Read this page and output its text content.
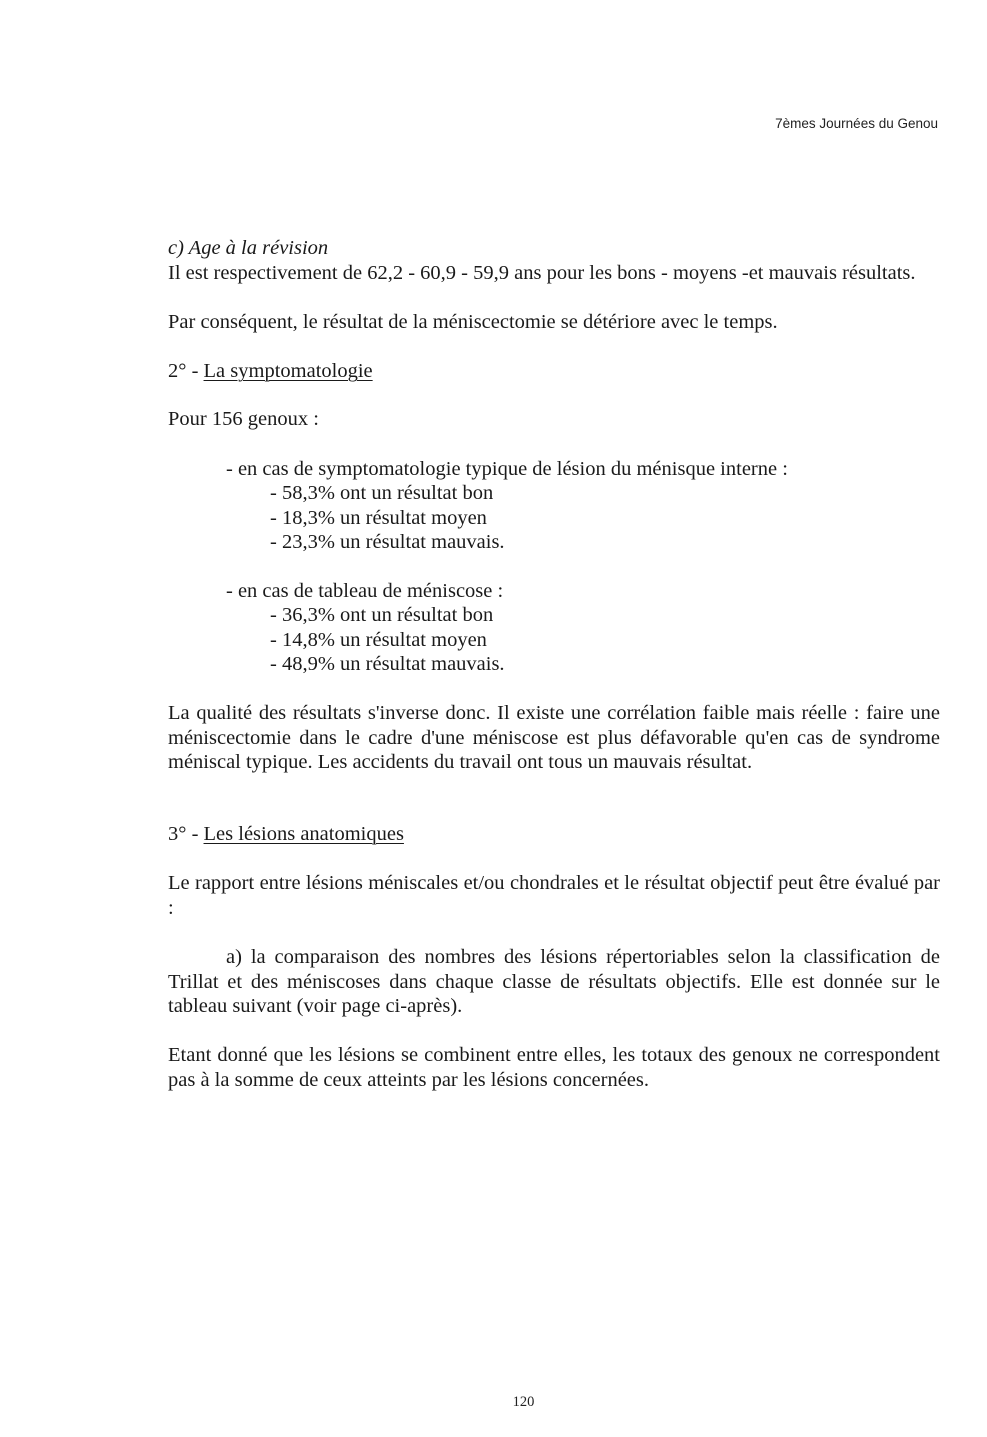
7èmes Journées du Genou

c) Age à la révision

Il est respectivement de 62,2 - 60,9 - 59,9 ans pour les bons - moyens -et mauvais résultats.

Par conséquent, le résultat de la méniscectomie se détériore avec le temps.

2° - La symptomatologie

Pour 156 genoux :

- en cas de symptomatologie typique de lésion du ménisque interne :

- 58,3% ont un résultat bon
- 18,3% un résultat moyen
- 23,3% un résultat mauvais.

- en cas de tableau de méniscose :

- 36,3% ont un résultat bon
- 14,8% un résultat moyen
- 48,9% un résultat mauvais.

La qualité des résultats s'inverse donc. Il existe une corrélation faible mais réelle : faire une méniscectomie dans le cadre d'une méniscose est plus défavorable qu'en cas de syndrome méniscal typique. Les accidents du travail ont tous un mauvais résultat.

3° - Les lésions anatomiques

Le rapport entre lésions méniscales et/ou chondrales et le résultat objectif peut être évalué par :

a) la comparaison des nombres des lésions répertoriables selon la classification de Trillat et des méniscoses dans chaque classe de résultats objectifs. Elle est donnée sur le tableau suivant (voir page ci-après).

Etant donné que les lésions se combinent entre elles, les totaux des genoux ne correspondent pas à la somme de ceux atteints par les lésions concernées.

120
